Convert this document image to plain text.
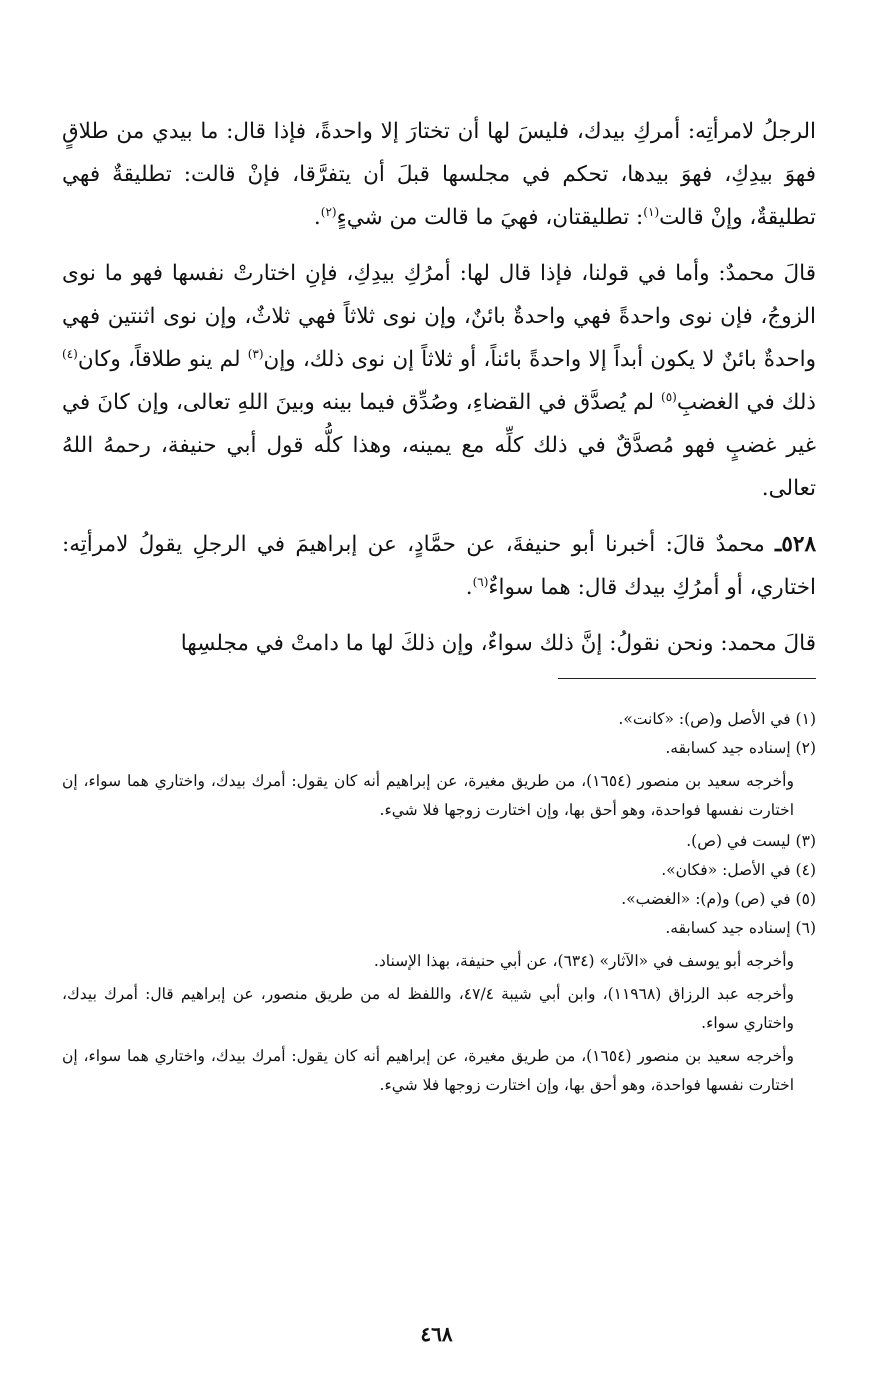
الرجلُ لامرأتِه: أمركِ بيدك، فليسَ لها أن تختارَ إلا واحدةً، فإذا قال: ما بيدي من طلاقٍ فهوَ بيدِكِ، فهوَ بيدها، تحكم في مجلسها قبلَ أن يتفرَّقا، فإنْ قالت: تطليقةٌ فهي تطليقةٌ، وإنْ قالت$^{(١)}$: تطليقتان، فهيَ ما قالت من شيءٍ$^{(٢)}$.

قالَ محمدٌ: وأما في قولنا، فإذا قال لها: أمرُكِ بيدِكِ، فإنِ اختارتْ نفسها فهو ما نوى الزوجُ، فإن نوى واحدةً فهي واحدةٌ بائنٌ، وإن نوى ثلاثاً فهي ثلاثٌ، وإن نوى اثنتين فهي واحدةٌ بائنٌ لا يكون أبداً إلا واحدةً بائناً، أو ثلاثاً إن نوى ذلك، وإن$^{(٣)}$ لم ينو طلاقاً، وكان$^{(٤)}$ ذلك في الغضبِ$^{(٥)}$ لم يُصدَّق في القضاءِ، وصُدِّق فيما بينه وبينَ اللهِ تعالى، وإن كانَ في غير غضبٍ فهو مُصدَّقٌ في ذلك كلِّه مع يمينه، وهذا كلُّه قول أبي حنيفة، رحمهُ اللهُ تعالى.

٥٢٨ـ محمدٌ قالَ: أخبرنا أبو حنيفةَ، عن حمَّادٍ، عن إبراهيمَ في الرجلِ يقولُ لامرأتِه: اختاري، أو أمرُكِ بيدك قال: هما سواءٌ$^{(٦)}$.

قالَ محمد: ونحن نقولُ: إنَّ ذلك سواءٌ، وإن ذلكَ لها ما دامتْ في مجلسِها

(١) في الأصل و(ص): «كانت».

(٢) إسناده جيد كسابقه.

وأخرجه سعيد بن منصور (١٦٥٤)، من طريق مغيرة، عن إبراهيم أنه كان يقول: أمرك بيدك، واختاري هما سواء، إن اختارت نفسها فواحدة، وهو أحق بها، وإن اختارت زوجها فلا شيء.

(٣) ليست في (ص).

(٤) في الأصل: «فكان».

(٥) في (ص) و(م): «الغضب».

(٦) إسناده جيد كسابقه.

وأخرجه أبو يوسف في «الآثار» (٦٣٤)، عن أبي حنيفة، بهذا الإسناد.

وأخرجه عبد الرزاق (١١٩٦٨)، وابن أبي شيبة ٤٧/٤، واللفظ له من طريق منصور، عن إبراهيم قال: أمرك بيدك، واختاري سواء.

وأخرجه سعيد بن منصور (١٦٥٤)، من طريق مغيرة، عن إبراهيم أنه كان يقول: أمرك بيدك، واختاري هما سواء، إن اختارت نفسها فواحدة، وهو أحق بها، وإن اختارت زوجها فلا شيء.

٤٦٨
